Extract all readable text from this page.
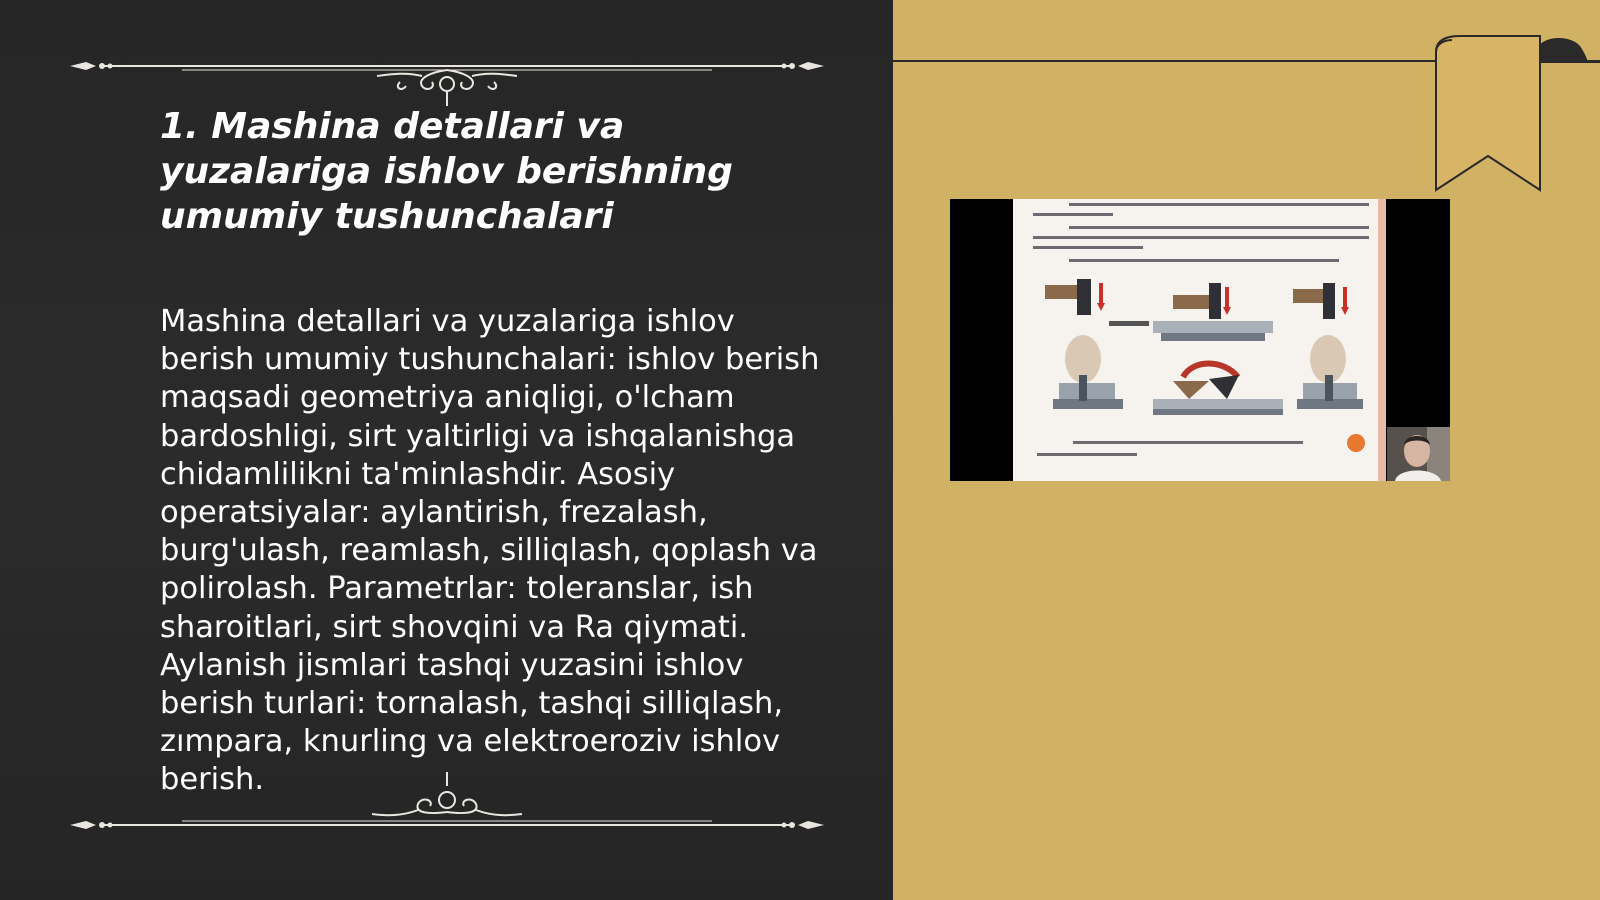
1. Mashina detallari va yuzalariga ishlov berishning umumiy tushunchalari

Mashina detallari va yuzalariga ishlov berish umumiy tushunchalari: ishlov berish maqsadi geometriya aniqligi, o'lcham bardoshligi, sirt yaltirligi va ishqalanishga chidamlilikni ta'minlashdir. Asosiy operatsiyalar: aylantirish, frezalash, burg'ulash, reamlash, silliqlash, qoplash va polirolash. Parametrlar: toleranslar, ish sharoitlari, sirt shovqini va Ra qiymati. Aylanish jismlari tashqi yuzasini ishlov berish turlari: tornalash, tashqi silliqlash, zımpara, knurling va elektroeroziv ishlov berish.
